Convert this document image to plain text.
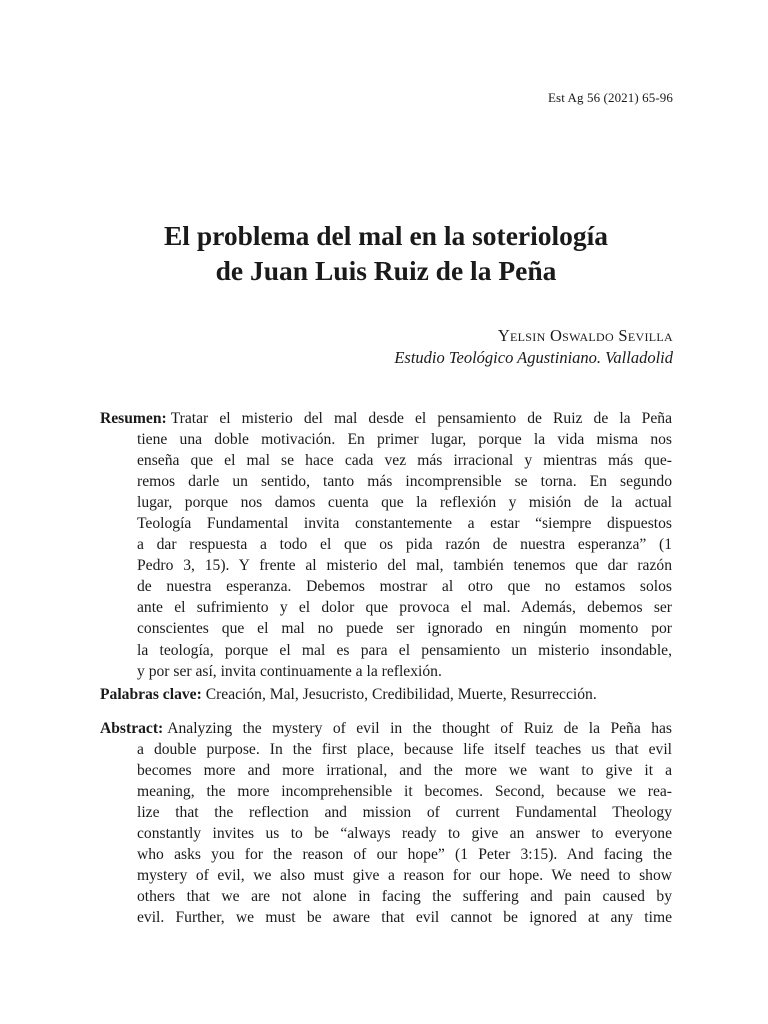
Est Ag 56 (2021) 65-96
El problema del mal en la soteriología
de Juan Luis Ruiz de la Peña
Yelsin Oswaldo Sevilla
Estudio Teológico Agustiniano. Valladolid
Resumen: Tratar el misterio del mal desde el pensamiento de Ruiz de la Peña
tiene una doble motivación. En primer lugar, porque la vida misma nos
enseña que el mal se hace cada vez más irracional y mientras más que-
remos darle un sentido, tanto más incomprensible se torna. En segundo
lugar, porque nos damos cuenta que la reflexión y misión de la actual
Teología Fundamental invita constantemente a estar “siempre dispuestos
a dar respuesta a todo el que os pida razón de nuestra esperanza” (1
Pedro 3, 15). Y frente al misterio del mal, también tenemos que dar razón
de nuestra esperanza. Debemos mostrar al otro que no estamos solos
ante el sufrimiento y el dolor que provoca el mal. Además, debemos ser
conscientes que el mal no puede ser ignorado en ningún momento por
la teología, porque el mal es para el pensamiento un misterio insondable,
y por ser así, invita continuamente a la reflexión.
Palabras clave: Creación, Mal, Jesucristo, Credibilidad, Muerte, Resurrección.
Abstract: Analyzing the mystery of evil in the thought of Ruiz de la Peña has
a double purpose. In the first place, because life itself teaches us that evil
becomes more and more irrational, and the more we want to give it a
meaning, the more incomprehensible it becomes. Second, because we rea-
lize that the reflection and mission of current Fundamental Theology
constantly invites us to be “always ready to give an answer to everyone
who asks you for the reason of our hope” (1 Peter 3:15). And facing the
mystery of evil, we also must give a reason for our hope. We need to show
others that we are not alone in facing the suffering and pain caused by
evil. Further, we must be aware that evil cannot be ignored at any time
